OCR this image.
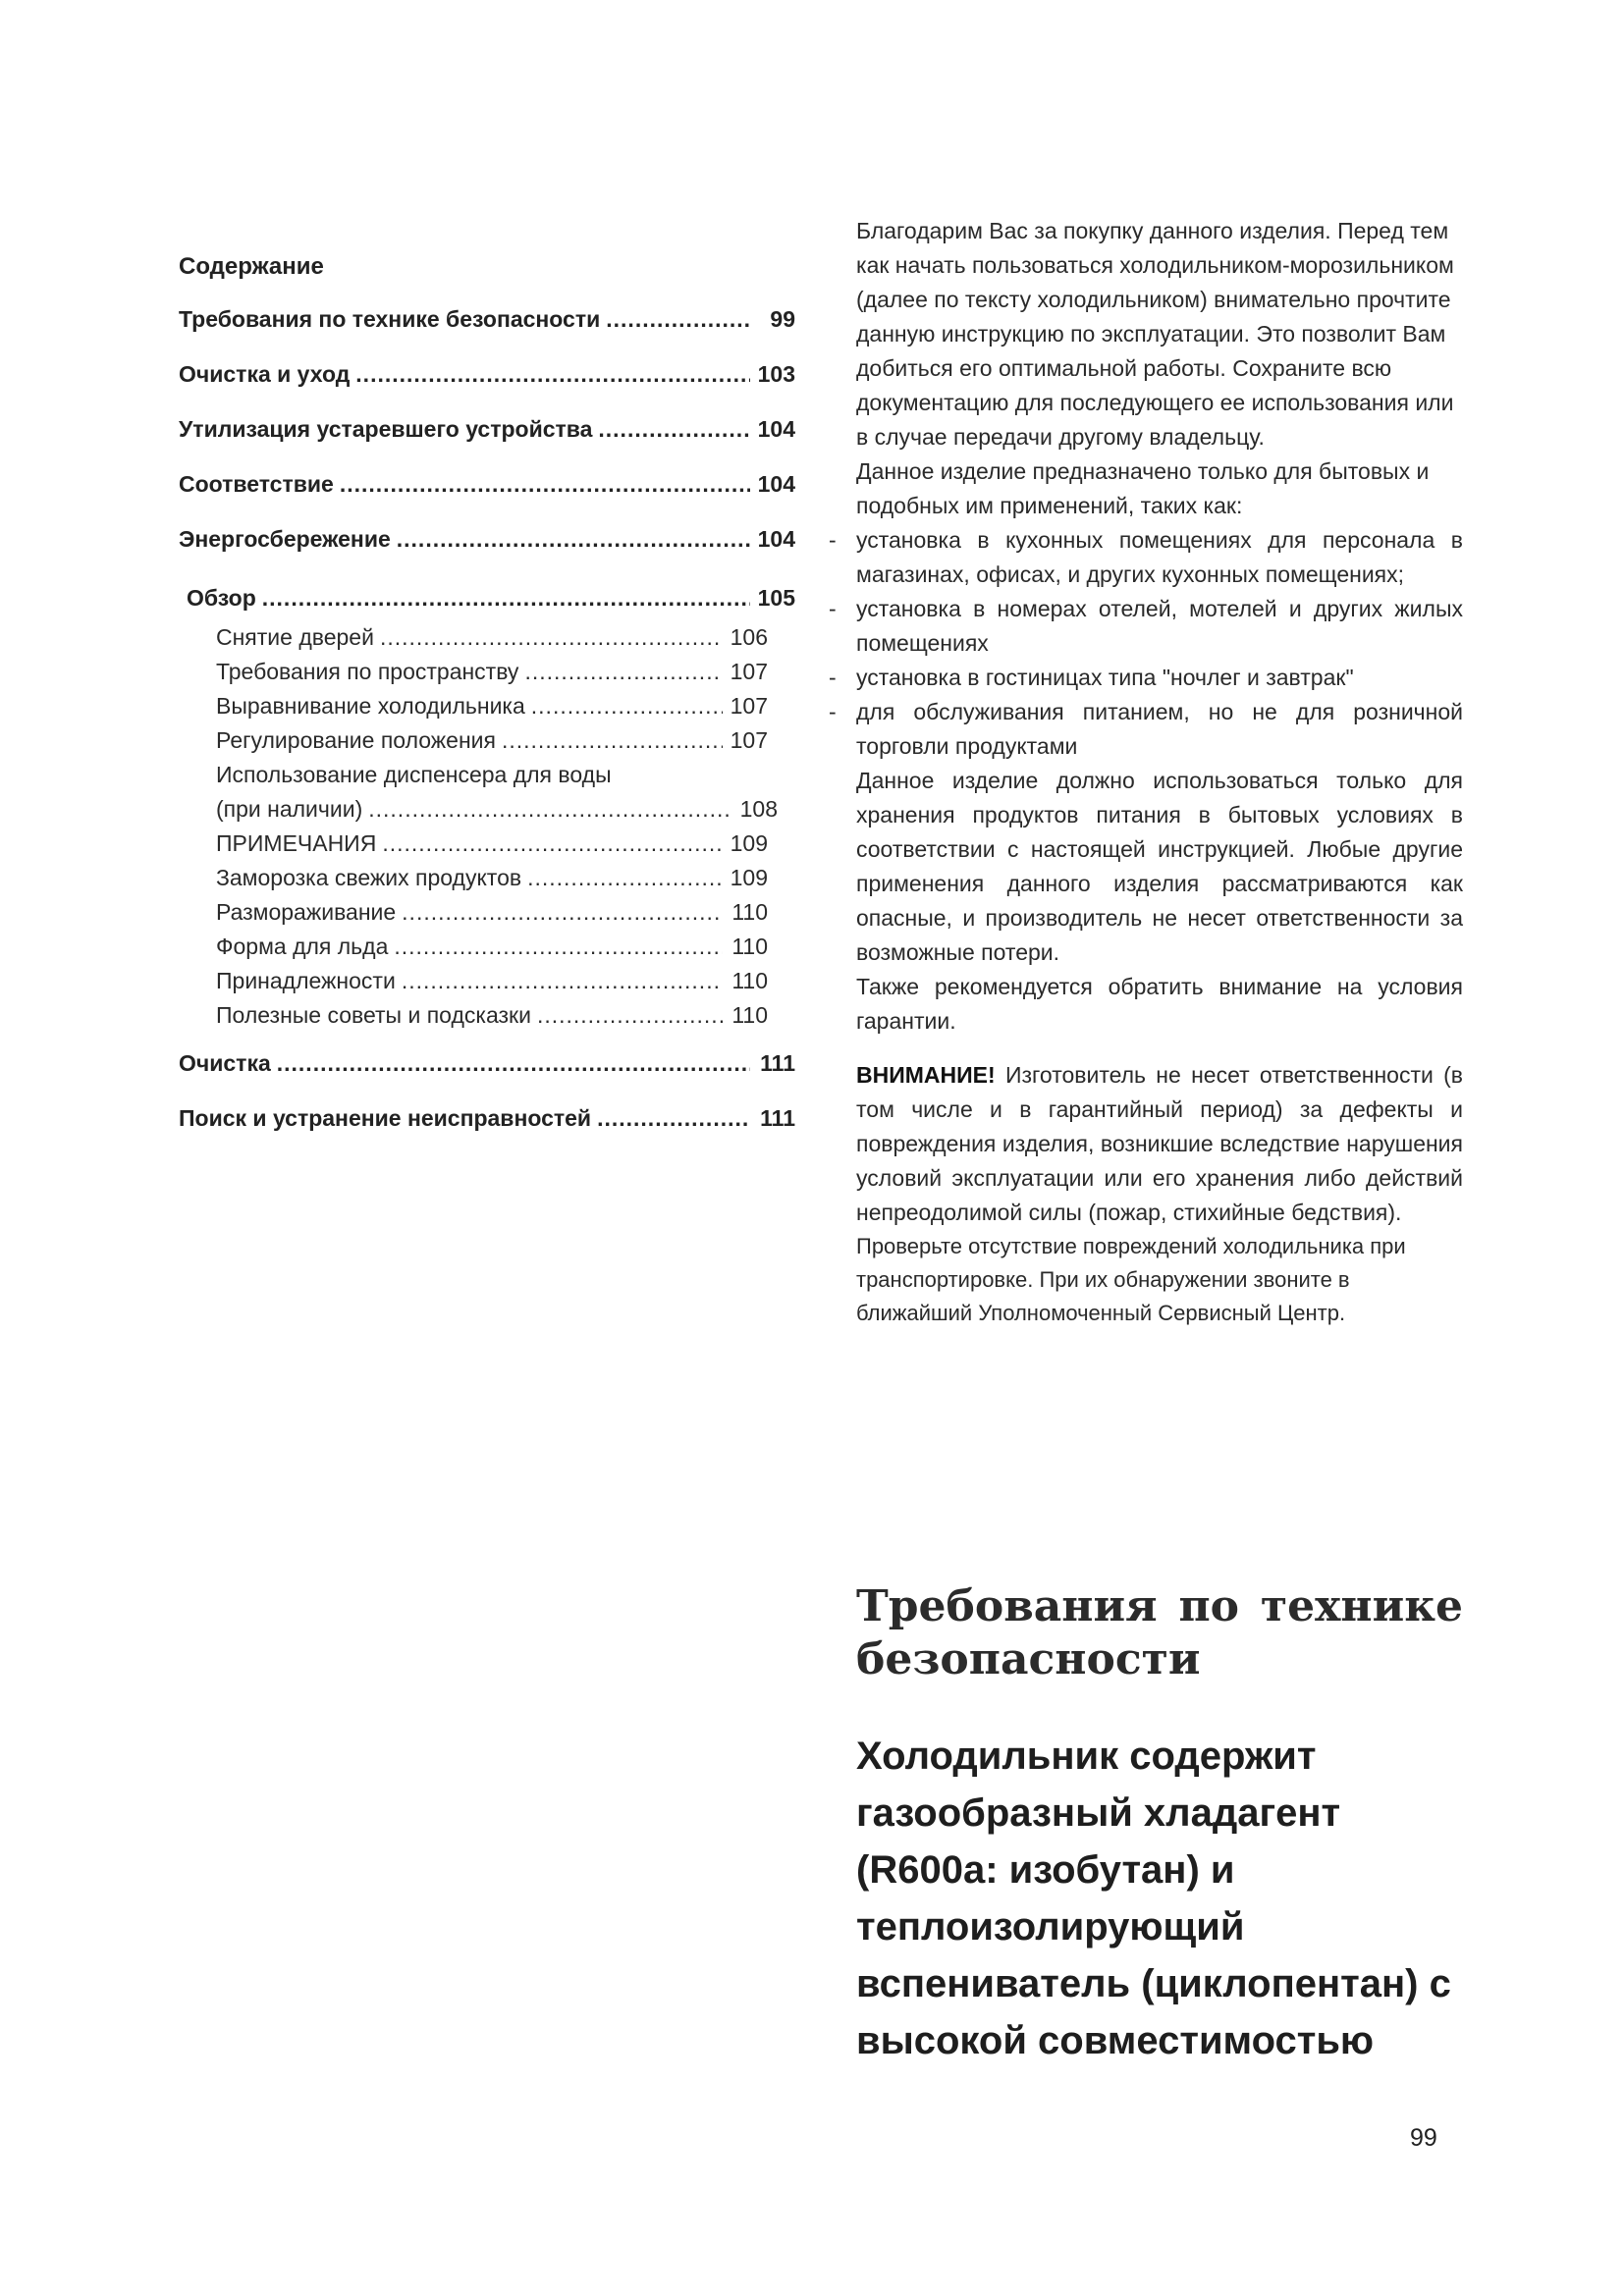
Содержание
Требования по технике безопасности .....	99
Очистка и уход .....	103
Утилизация устаревшего устройства .....	104
Соответствие .....	104
Энергосбережение .....	104
Обзор .....	105
Снятие дверей .....	106
Требования по пространству .....	107
Выравнивание холодильника .....	107
Регулирование положения .....	107
Использование диспенсера для воды
(при наличии) .....	108
ПРИМЕЧАНИЯ .....	109
Заморозка свежих продуктов .....	109
Размораживание .....	110
Форма для льда .....	110
Принадлежности .....	110
Полезные советы и подсказки .....	110
Очистка .....	111
Поиск и устранение неисправностей .....	111

Благодарим Вас за покупку данного изделия. Перед тем как начать пользоваться холодильником-морозильником (далее по тексту холодильником) внимательно прочтите данную инструкцию по эксплуатации. Это позволит Вам добиться его оптимальной работы. Сохраните всю документацию для последующего ее использования или в случае передачи другому владельцу.

Данное изделие предназначено только для бытовых и подобных им применений, таких как:

- установка в кухонных помещениях для персонала в магазинах, офисах, и других кухонных помещениях;
- установка в номерах отелей, мотелей и других жилых помещениях
- установка в гостиницах типа "ночлег и завтрак"
- для обслуживания питанием, но не для розничной торговли продуктами

Данное изделие должно использоваться только для хранения продуктов питания в бытовых условиях в соответствии с настоящей инструкцией. Любые другие применения данного изделия рассматриваются как опасные, и производитель не несет ответственности за возможные потери.

Также рекомендуется обратить внимание на условия гарантии.

ВНИМАНИЕ! Изготовитель не несет ответственности (в том числе и в гарантийный период) за дефекты и повреждения изделия, возникшие вследствие нарушения условий эксплуатации или его хранения либо действий непреодолимой силы (пожар, стихийные бедствия).

Проверьте отсутствие повреждений холодильника при транспортировке. При их обнаружении звоните в ближайший Уполномоченный Сервисный Центр.

Требования по технике
безопасности
Холодильник содержит газообразный хладагент (R600a: изобутан) и теплоизолирующий вспениватель (циклопентан) с высокой совместимостью
99
